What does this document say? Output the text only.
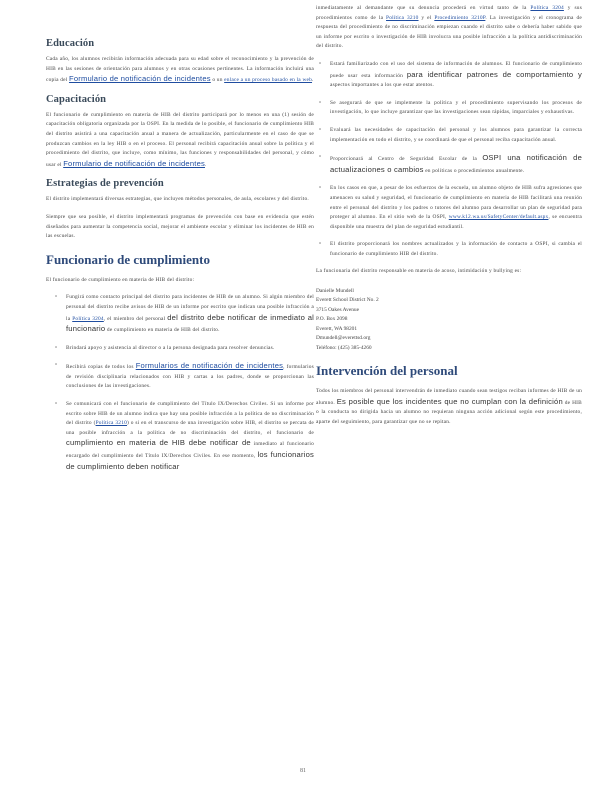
Educación

Cada año, los alumnos recibirán información adecuada para su edad sobre el reconocimiento y la prevención de HIB en las sesiones de orientación para alumnos y en otras ocasiones pertinentes. La información incluirá una copia del Formulario de notificación de incidentes o un enlace a un proceso basado en la web.

Capacitación

El funcionario de cumplimiento en materia de HIB del distrito participará por lo menos en una (1) sesión de capacitación obligatoria organizada por la OSPI. En la medida de lo posible, el funcionario de cumplimiento HIB del distrito asistirá a una capacitación anual a manera de actualización, particularmente en el caso de que se produzcan cambios en la ley HIB o en el proceso. El personal recibirá capacitación anual sobre la política y el procedimiento del distrito, que incluye, como mínimo, las funciones y responsabilidades del personal, y cómo usar el Formulario de notificación de incidentes.

Estrategias de prevención

El distrito implementará diversas estrategias, que incluyen métodos personales, de aula, escolares y del distrito.

Siempre que sea posible, el distrito implementará programas de prevención con base en evidencia que estén diseñados para aumentar la competencia social, mejorar el ambiente escolar y eliminar los incidentes de HIB en las escuelas.

Funcionario de cumplimiento

El funcionario de cumplimiento en materia de HIB del distrito:

▫ Fungirá como contacto principal del distrito para incidentes de HIB de un alumno. Si algún miembro del personal del distrito recibe avisos de HIB de un informe por escrito que indican una posible infracción a la Política 3204, el miembro del personal del distrito debe notificar de inmediato al funcionario de cumplimiento en materia de HIB del distrito.
▫ Brindará apoyo y asistencia al director o a la persona designada para resolver denuncias.
▫ Recibirá copias de todos los Formularios de notificación de incidentes, formularios de revisión disciplinaria relacionados con HIB y cartas a los padres, donde se proporcionan las conclusiones de las investigaciones.
▫ Se comunicará con el funcionario de cumplimiento del Título IX/Derechos Civiles. Si un informe por escrito sobre HIB de un alumno indica que hay una posible infracción a la política de no discriminación del distrito (Política 3210) o si en el transcurso de una investigación sobre HIB, el distrito se percata de una posible infracción a la política de no discriminación del distrito, el funcionario de cumplimiento en materia de HIB debe notificar de inmediato al funcionario encargado del cumplimiento del Título IX/Derechos Civiles. En ese momento, los funcionarios de cumplimiento deben notificar

inmediatamente al demandante que su denuncia procederá en virtud tanto de la Política 3204 y sus procedimientos como de la Política 3210 y el Procedimiento 3210P. La investigación y el cronograma de respuesta del procedimiento de no discriminación empiezan cuando el distrito sabe o debería haber sabido que un informe por escrito o investigación de HIB involucra una posible infracción a la política antidiscriminación del distrito.

▫ Estará familiarizado con el uso del sistema de información de alumnos. El funcionario de cumplimiento puede usar esta información para identificar patrones de comportamiento y aspectos importantes a los que estar atentos.
▫ Se asegurará de que se implemente la política y el procedimiento supervisando los procesos de investigación, lo que incluye garantizar que las investigaciones sean rápidas, imparciales y exhaustivas.
▫ Evaluará las necesidades de capacitación del personal y los alumnos para garantizar la correcta implementación en todo el distrito, y se coordinará de que el personal reciba capacitación anual.
▫ Proporcionará al Centro de Seguridad Escolar de la OSPI una notificación de actualizaciones o cambios en políticas o procedimientos anualmente.
▫ En los casos en que, a pesar de los esfuerzos de la escuela, un alumno objeto de HIB sufra agresiones que amenacen su salud y seguridad, el funcionario de cumplimiento en materia de HIB facilitará una reunión entre el personal del distrito y los padres o tutores del alumno para desarrollar un plan de seguridad para proteger al alumno. En el sitio web de la OSPI, www.k12.wa.us/SafetyCenter/default.aspx, se encuentra disponible una muestra del plan de seguridad estudiantil.
▫ El distrito proporcionará los nombres actualizados y la información de contacto a OSPI, si cambia el funcionario de cumplimiento HIB del distrito.

La funcionaria del distrito responsable en materia de acoso, intimidación y bullying es:

Danielle Mundell
Everett School District No. 2
3715 Oakes Avenue
P.O. Box 2098
Everett, WA 98201
Dmundell@everettsd.org
Teléfono: (425) 385-4260
Intervención del personal

Todos los miembros del personal intervendrán de inmediato cuando sean testigos reciban informes de HIB de un alumno. Es posible que los incidentes que no cumplan con la definición de HIB o la conducta no dirigida hacia un alumno no requieran ninguna acción adicional según este procedimiento, aparte del seguimiento, para garantizar que no se repitan.

81
